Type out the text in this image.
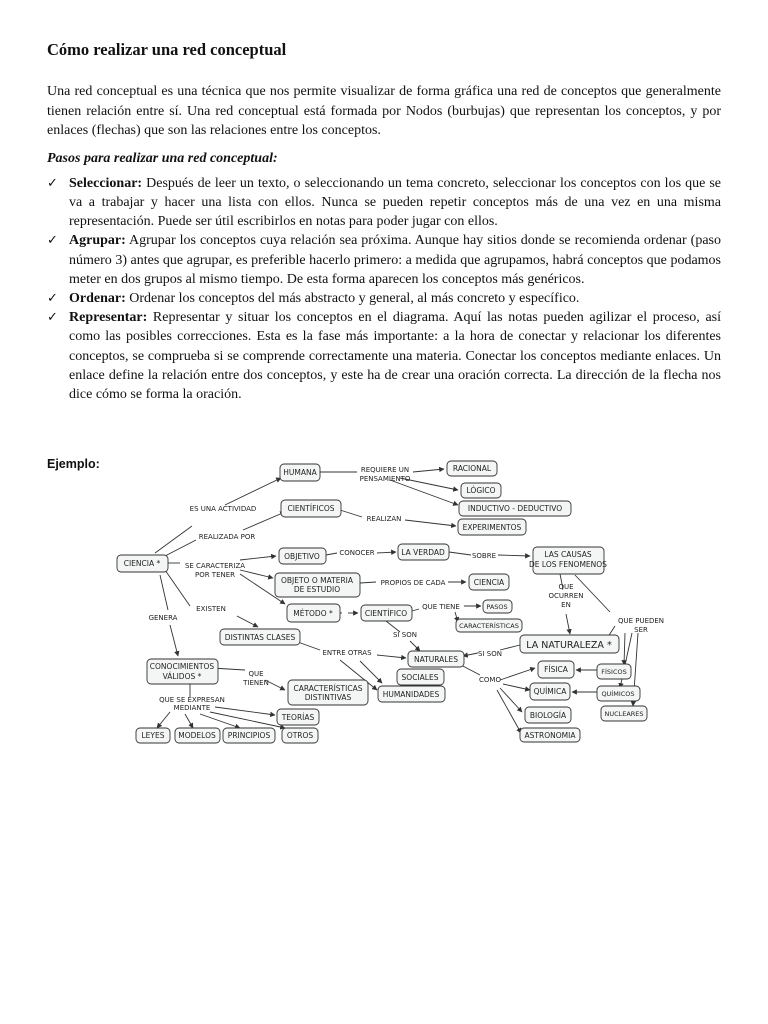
Cómo realizar una red conceptual

Una red conceptual es una técnica que nos permite visualizar de forma gráfica una red de conceptos que generalmente tienen relación entre sí. Una red conceptual está formada por Nodos (burbujas) que representan los conceptos, y por enlaces (flechas) que son las relaciones entre los conceptos.

Pasos para realizar una red conceptual:
✓ Seleccionar: Después de leer un texto, o seleccionando un tema concreto, seleccionar los conceptos con los que se va a trabajar y hacer una lista con ellos. Nunca se pueden repetir conceptos más de una vez en una misma representación. Puede ser útil escribirlos en notas para poder jugar con ellos.
✓ Agrupar: Agrupar los conceptos cuya relación sea próxima. Aunque hay sitios donde se recomienda ordenar (paso número 3) antes que agrupar, es preferible hacerlo primero: a medida que agrupamos, habrá conceptos que podamos meter en dos grupos al mismo tiempo. De esta forma aparecen los conceptos más genéricos.
✓ Ordenar: Ordenar los conceptos del más abstracto y general, al más concreto y específico.
✓ Representar: Representar y situar los conceptos en el diagrama. Aquí las notas pueden agilizar el proceso, así como las posibles correcciones. Esta es la fase más importante: a la hora de conectar y relacionar los diferentes conceptos, se comprueba si se comprende correctamente una materia. Conectar los conceptos mediante enlaces. Un enlace define la relación entre dos conceptos, y este ha de crear una oración correcta. La dirección de la flecha nos dice cómo se forma la oración.
Ejemplo:	REQUIERE UN
PENSAMIENTO
ES UNA ACTIVIDAD
REALIZADA POR
REALIZAN
CONOCER	SOBRE
SE CARACTERIZA
POR TENER
PROPIOS DE CADA
EXISTEN
GENERA
QUE TIENE
SÍ SON
ENTRE OTRAS	SI SON
COMO
QUE
OCURREN
EN
QUE PUEDEN
SER
QUE
TIENEN
QUE SE EXPRESAN
MEDIANTE
HUMANA	RACIONAL
LÓGICO
INDUCTIVO - DEDUCTIVO
CIENTÍFICOS
EXPERIMENTOS
CIENCIA *
OBJETIVO	LA VERDAD	LAS CAUSAS
DE LOS FENOMENOS
OBJETO O MATERIA
DE ESTUDIO
CIENCIA
MÉTODO *	CIENTÍFICO
PASOS
CARACTERÍSTICAS
LA NATURALEZA *
DISTINTAS CLASES
NATURALES
SOCIALES
HUMANIDADES
CONOCIMIENTOS
VÁLIDOS *
CARACTERÍSTICAS
DISTINTIVAS
TEORÍAS
LEYES MODELOS PRINCIPIOS OTROS
FÍSICA
QUÍMICA
BIOLOGÍA
ASTRONOMIA
FÍSICOS
QUÍMICOS
NUCLEARES
